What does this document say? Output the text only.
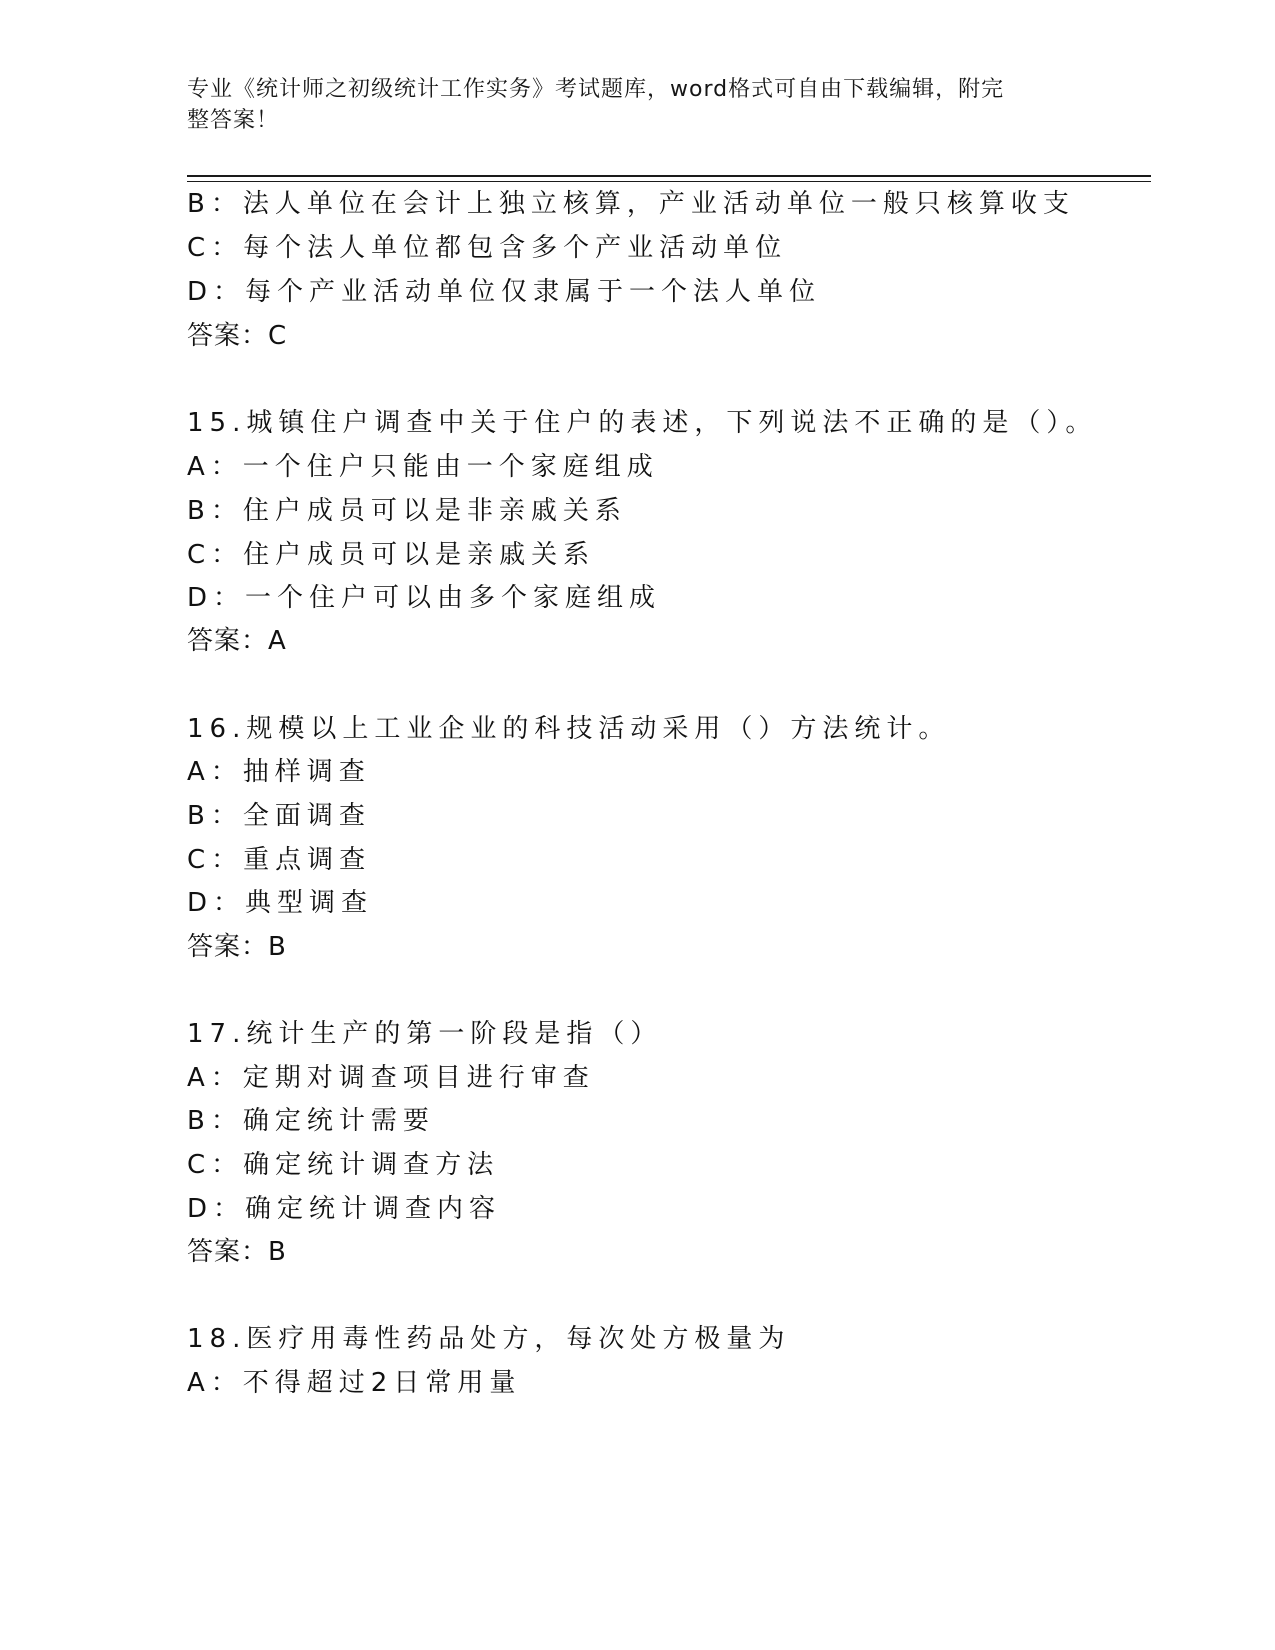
专业《统计师之初级统计工作实务》考试题库，word格式可自由下载编辑，附完
整答案！
B：法人单位在会计上独立核算，产业活动单位一般只核算收支
C：每个法人单位都包含多个产业活动单位
D：每个产业活动单位仅隶属于一个法人单位
答案：C
15.城镇住户调查中关于住户的表述，下列说法不正确的是（）。
A：一个住户只能由一个家庭组成
B：住户成员可以是非亲戚关系
C：住户成员可以是亲戚关系
D：一个住户可以由多个家庭组成
答案：A
16.规模以上工业企业的科技活动采用（）方法统计。
A：抽样调查
B：全面调查
C：重点调查
D：典型调查
答案：B
17.统计生产的第一阶段是指（）
A：定期对调查项目进行审查
B：确定统计需要
C：确定统计调查方法
D：确定统计调查内容
答案：B
18.医疗用毒性药品处方，每次处方极量为
A：不得超过2日常用量
